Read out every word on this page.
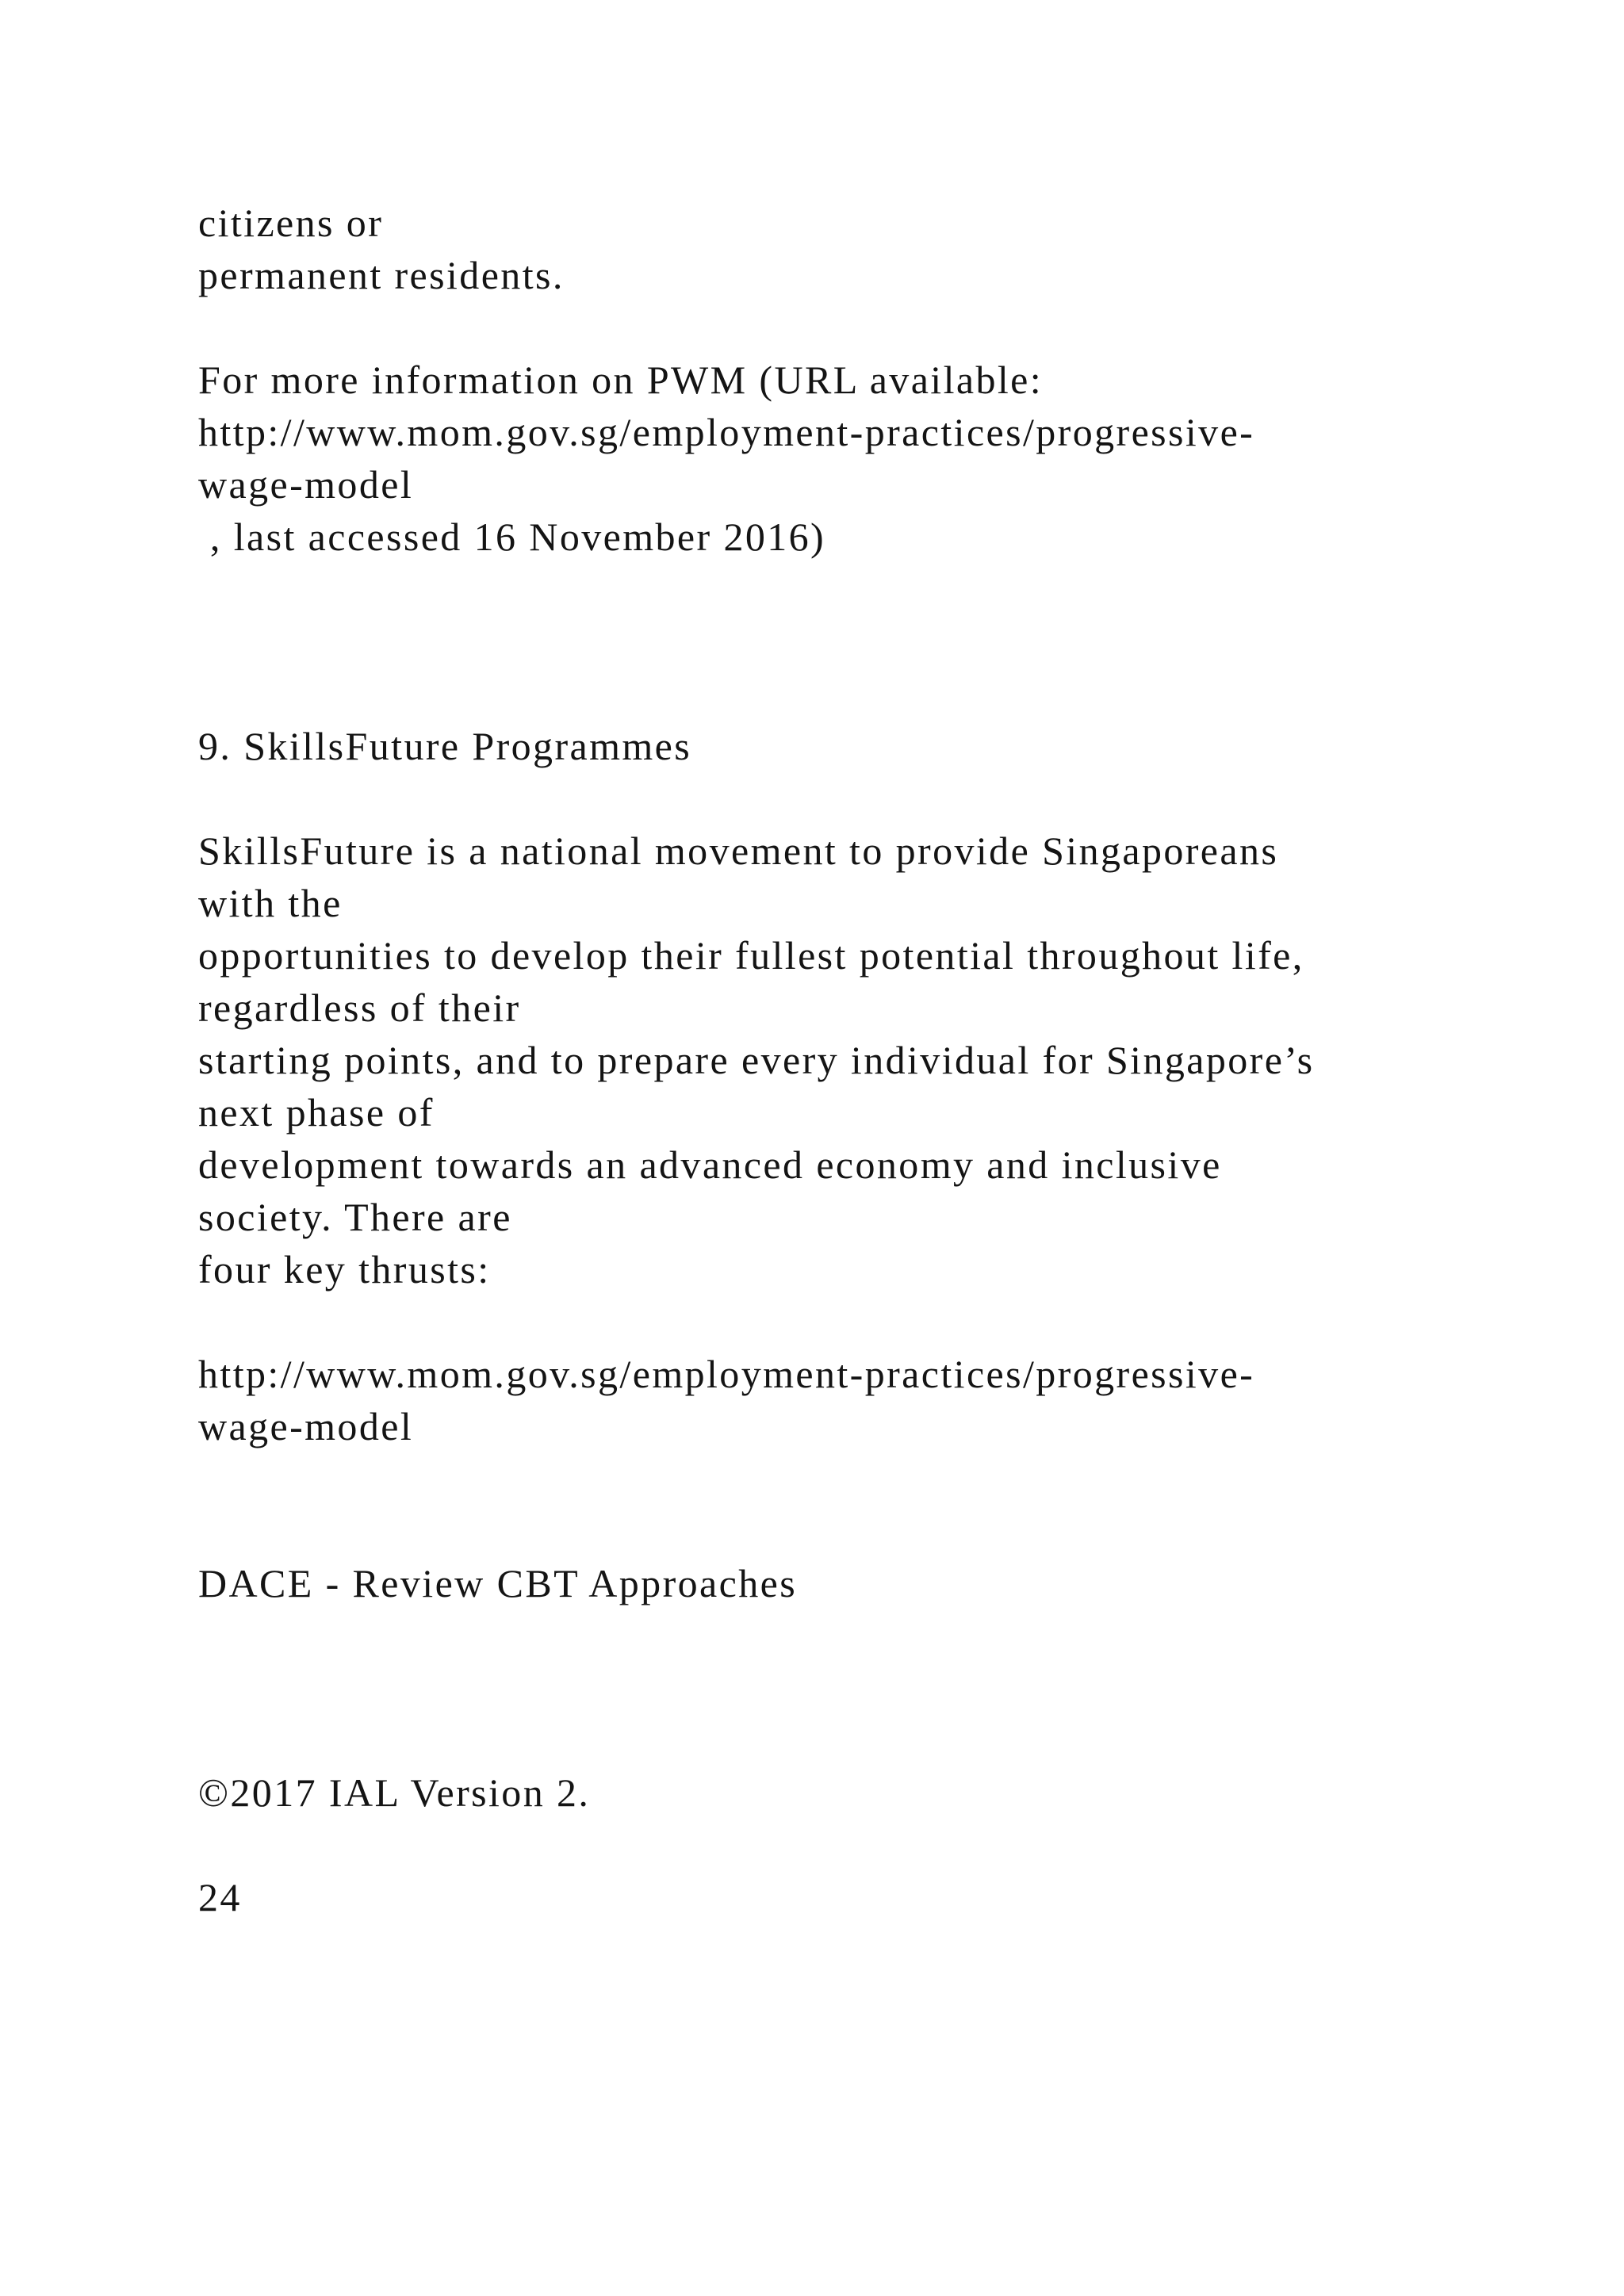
citizens or

permanent residents.

For more information on PWM (URL available:

http://www.mom.gov.sg/employment-practices/progressive-

wage-model

, last accessed 16 November 2016)

9. SkillsFuture Programmes

SkillsFuture is a national movement to provide Singaporeans

with the

opportunities to develop their fullest potential throughout life,

regardless of their

starting points, and to prepare every individual for Singapore’s

next phase of

development towards an advanced economy and inclusive

society. There are

four key thrusts:

http://www.mom.gov.sg/employment-practices/progressive-

wage-model

DACE - Review CBT Approaches

©2017 IAL Version 2.

24
